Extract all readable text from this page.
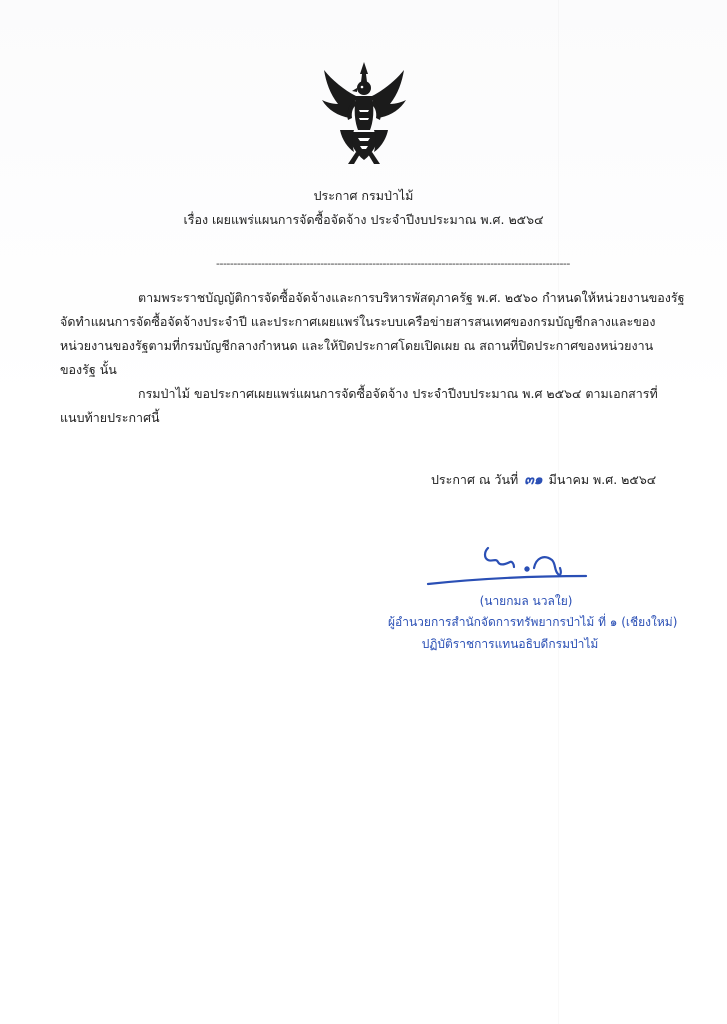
ประกาศ กรมป่าไม้
เรื่อง เผยแพร่แผนการจัดซื้อจัดจ้าง ประจำปีงบประมาณ พ.ศ. ๒๕๖๔
------------------------------------------------------------------------------------------------------
ตามพระราชบัญญัติการจัดซื้อจัดจ้างและการบริหารพัสดุภาครัฐ พ.ศ. ๒๕๖๐ กำหนดให้หน่วยงานของรัฐ
จัดทำแผนการจัดซื้อจัดจ้างประจำปี และประกาศเผยแพร่ในระบบเครือข่ายสารสนเทศของกรมบัญชีกลางและของ
หน่วยงานของรัฐตามที่กรมบัญชีกลางกำหนด และให้ปิดประกาศโดยเปิดเผย ณ สถานที่ปิดประกาศของหน่วยงาน
ของรัฐ นั้น
กรมป่าไม้ ขอประกาศเผยแพร่แผนการจัดซื้อจัดจ้าง ประจำปีงบประมาณ พ.ศ ๒๕๖๔ ตามเอกสารที่
แนบท้ายประกาศนี้
ประกาศ ณ วันที่ ๓๑ มีนาคม พ.ศ. ๒๕๖๔
(นายกมล นวลใย)
ผู้อำนวยการสำนักจัดการทรัพยากรป่าไม้ ที่ ๑ (เชียงใหม่)
ปฏิบัติราชการแทนอธิบดีกรมป่าไม้
